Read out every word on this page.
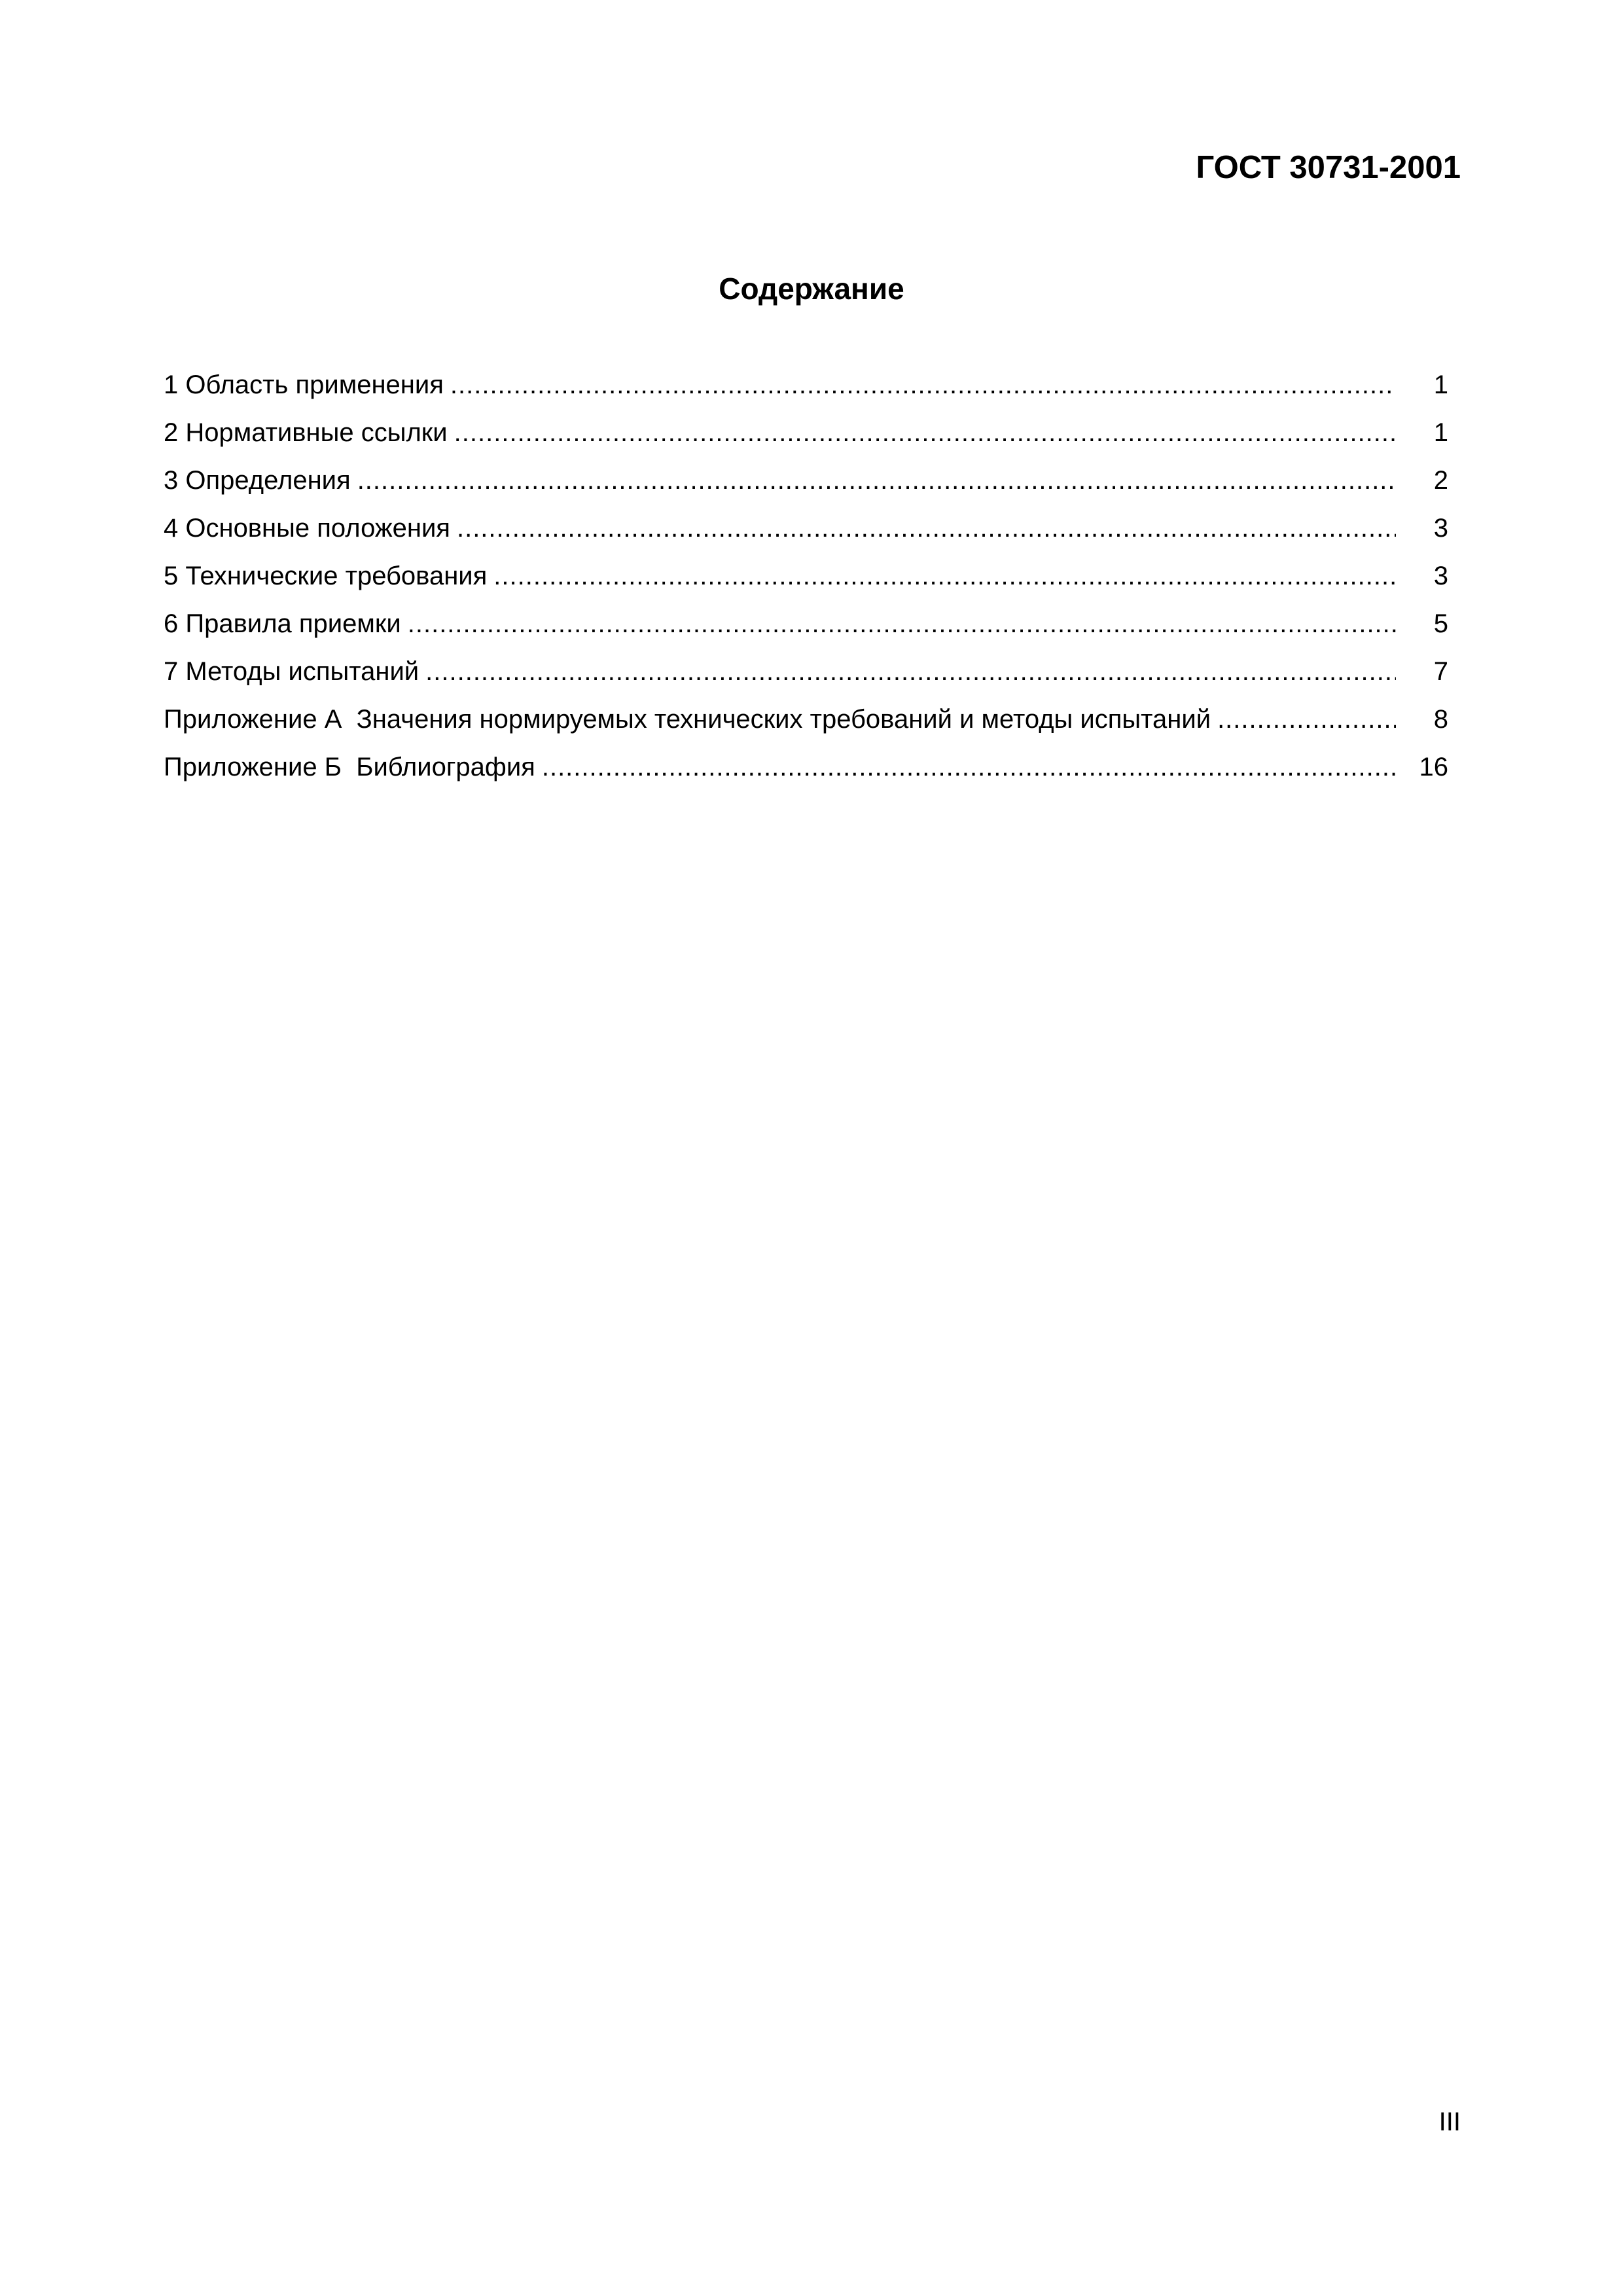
ГОСТ 30731-2001
Содержание
1 Область применения .....	1
2 Нормативные ссылки .....	1
3 Определения .....	2
4 Основные положения .....	3
5 Технические требования .....	3
6 Правила приемки .....	5
7 Методы испытаний .....	7
Приложение А  Значения нормируемых технических требований и методы испытаний .....	8
Приложение Б  Библиография .....	16
III
